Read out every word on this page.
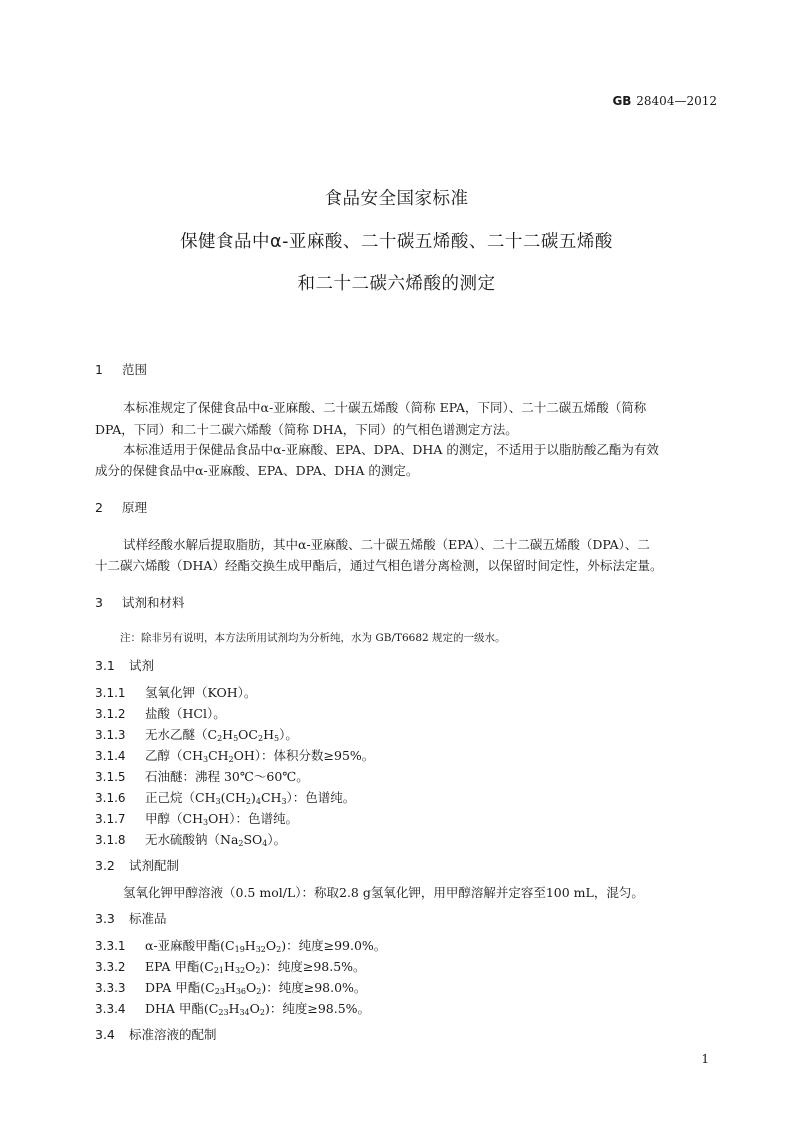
GB 28404—2012
食品安全国家标准
保健食品中α-亚麻酸、二十碳五烯酸、二十二碳五烯酸
和二十二碳六烯酸的测定
1 范围
本标准规定了保健食品中α-亚麻酸、二十碳五烯酸（简称 EPA，下同）、二十二碳五烯酸（简称
DPA，下同）和二十二碳六烯酸（简称 DHA，下同）的气相色谱测定方法。
本标准适用于保健品食品中α-亚麻酸、EPA、DPA、DHA 的测定，不适用于以脂肪酸乙酯为有效
成分的保健食品中α-亚麻酸、EPA、DPA、DHA 的测定。
2 原理
试样经酸水解后提取脂肪，其中α-亚麻酸、二十碳五烯酸（EPA）、二十二碳五烯酸（DPA）、二
十二碳六烯酸（DHA）经酯交换生成甲酯后，通过气相色谱分离检测，以保留时间定性，外标法定量。
3 试剂和材料
注：除非另有说明，本方法所用试剂均为分析纯，水为 GB/T6682 规定的一级水。
3.1 试剂
3.1.1 氢氧化钾（KOH）。
3.1.2 盐酸（HCl）。
3.1.3 无水乙醚$(C_2H_5OC_2H_5)$。
3.1.4 乙醇$(CH_3CH_2OH)$：体积分数≥95%。
3.1.5 石油醚：沸程 30℃～60℃。
3.1.6 正己烷$(CH_3(CH_2)_4CH_3)$：色谱纯。
3.1.7 甲醇$(CH_3OH)$：色谱纯。
3.1.8 无水硫酸钠$(Na_2SO_4)$。
3.2 试剂配制
氢氧化钾甲醇溶液（0.5 mol/L）：称取2.8 g氢氧化钾，用甲醇溶解并定容至100 mL，混匀。
3.3 标准品
3.3.1 α-亚麻酸甲酯$(C_{19}H_{32}O_2)$：纯度≥99.0%。
3.3.2 EPA 甲酯$(C_{21}H_{32}O_2)$：纯度≥98.5%。
3.3.3 DPA 甲酯$(C_{23}H_{36}O_2)$：纯度≥98.0%。
3.3.4 DHA 甲酯$(C_{23}H_{34}O_2)$：纯度≥98.5%。
3.4 标准溶液的配制
1
